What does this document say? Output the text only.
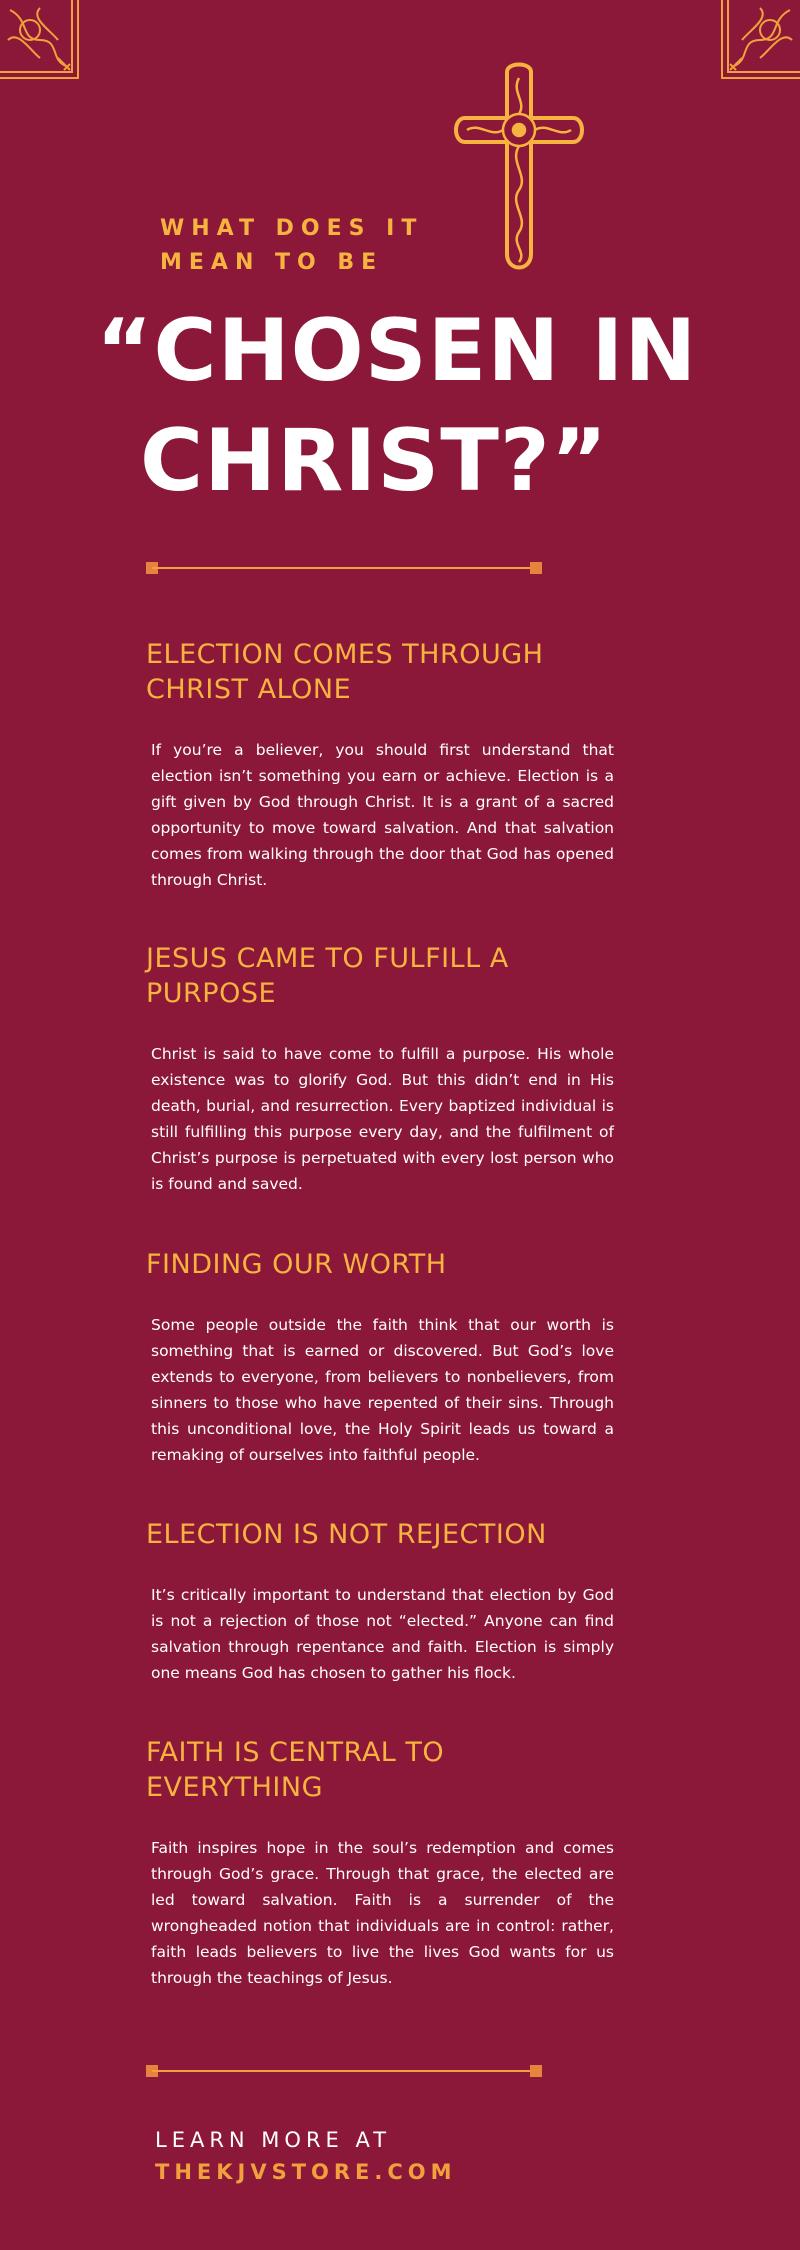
WHAT DOES IT MEAN TO BE
“CHOSEN IN
CHRIST?”
ELECTION COMES THROUGH CHRIST ALONE

If you’re a believer, you should first understand that election isn’t something you earn or achieve. Election is a gift given by God through Christ. It is a grant of a sacred opportunity to move toward salvation. And that salvation comes from walking through the door that God has opened through Christ.

JESUS CAME TO FULFILL A PURPOSE

Christ is said to have come to fulfill a purpose. His whole existence was to glorify God. But this didn’t end in His death, burial, and resurrection. Every baptized individual is still fulfilling this purpose every day, and the fulfilment of Christ’s purpose is perpetuated with every lost person who is found and saved.

FINDING OUR WORTH

Some people outside the faith think that our worth is something that is earned or discovered. But God’s love extends to everyone, from believers to nonbelievers, from sinners to those who have repented of their sins. Through this unconditional love, the Holy Spirit leads us toward a remaking of ourselves into faithful people.

ELECTION IS NOT REJECTION

It’s critically important to understand that election by God is not a rejection of those not “elected.” Anyone can find salvation through repentance and faith. Election is simply one means God has chosen to gather his flock.

FAITH IS CENTRAL TO EVERYTHING

Faith inspires hope in the soul’s redemption and comes through God’s grace. Through that grace, the elected are led toward salvation. Faith is a surrender of the wrongheaded notion that individuals are in control: rather, faith leads believers to live the lives God wants for us through the teachings of Jesus.

LEARN MORE AT

THEKJVSTORE.COM
